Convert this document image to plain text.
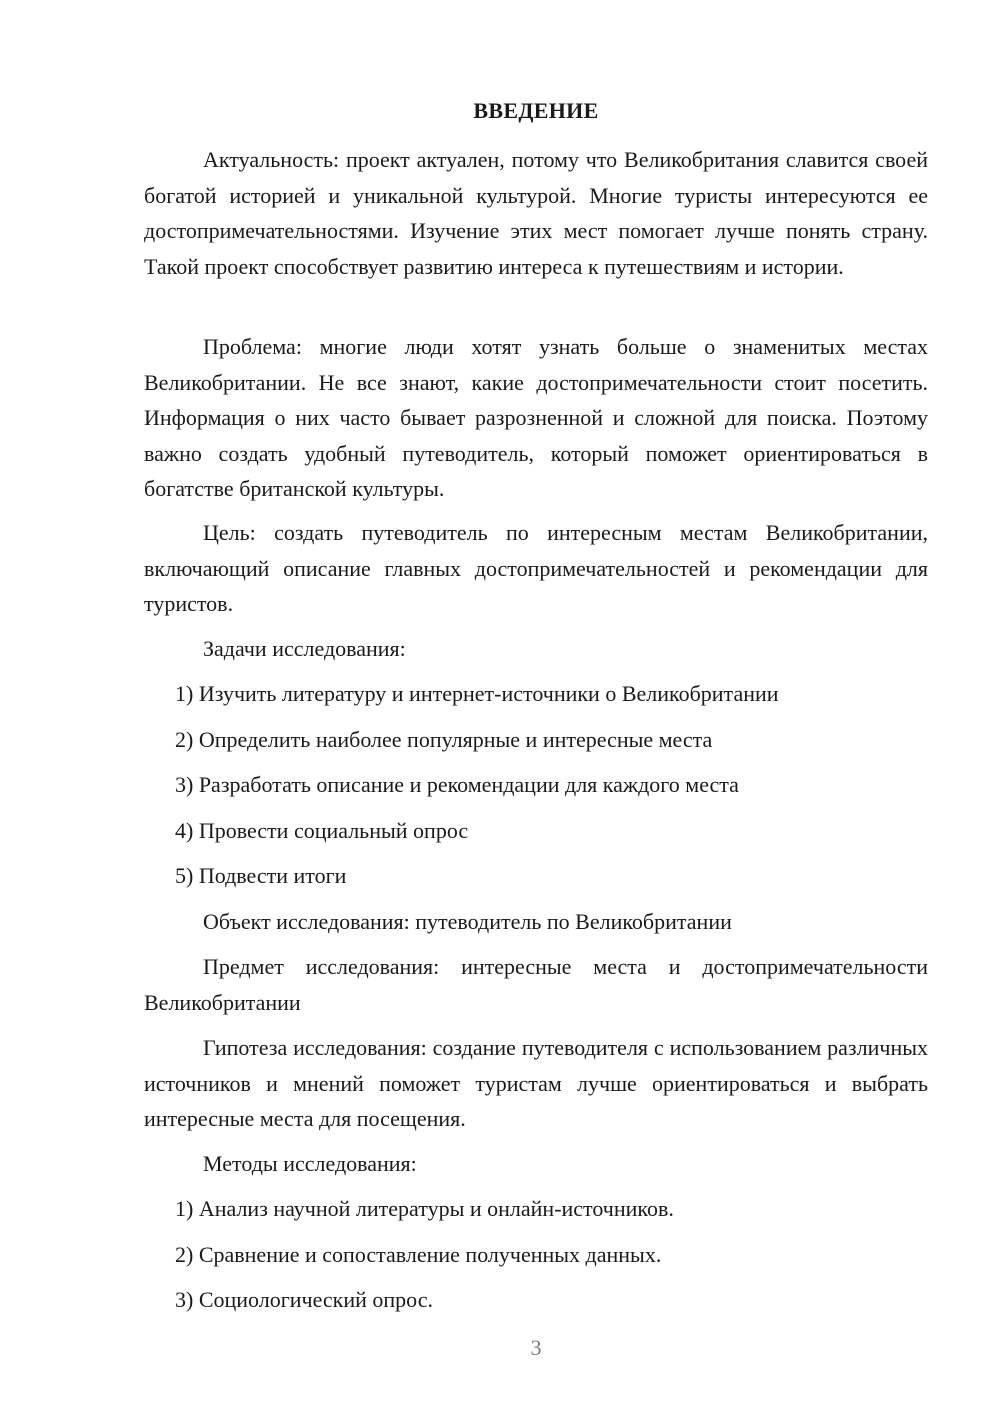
ВВЕДЕНИЕ

Актуальность: проект актуален, потому что Великобритания славится своей богатой историей и уникальной культурой. Многие туристы интересуются ее достопримечательностями. Изучение этих мест помогает лучше понять страну. Такой проект способствует развитию интереса к путешествиям и истории.

Проблема: многие люди хотят узнать больше о знаменитых местах Великобритании. Не все знают, какие достопримечательности стоит посетить. Информация о них часто бывает разрозненной и сложной для поиска. Поэтому важно создать удобный путеводитель, который поможет ориентироваться в богатстве британской культуры.

Цель: создать путеводитель по интересным местам Великобритании, включающий описание главных достопримечательностей и рекомендации для туристов.

Задачи исследования:
1) Изучить литературу и интернет-источники о Великобритании
2) Определить наиболее популярные и интересные места
3) Разработать описание и рекомендации для каждого места
4) Провести социальный опрос
5) Подвести итоги
Объект исследования: путеводитель по Великобритании

Предмет исследования: интересные места и достопримечательности Великобритании

Гипотеза исследования: создание путеводителя с использованием различных источников и мнений поможет туристам лучше ориентироваться и выбрать интересные места для посещения.

Методы исследования:
1) Анализ научной литературы и онлайн-источников.
2) Сравнение и сопоставление полученных данных.
3) Социологический опрос.
3
